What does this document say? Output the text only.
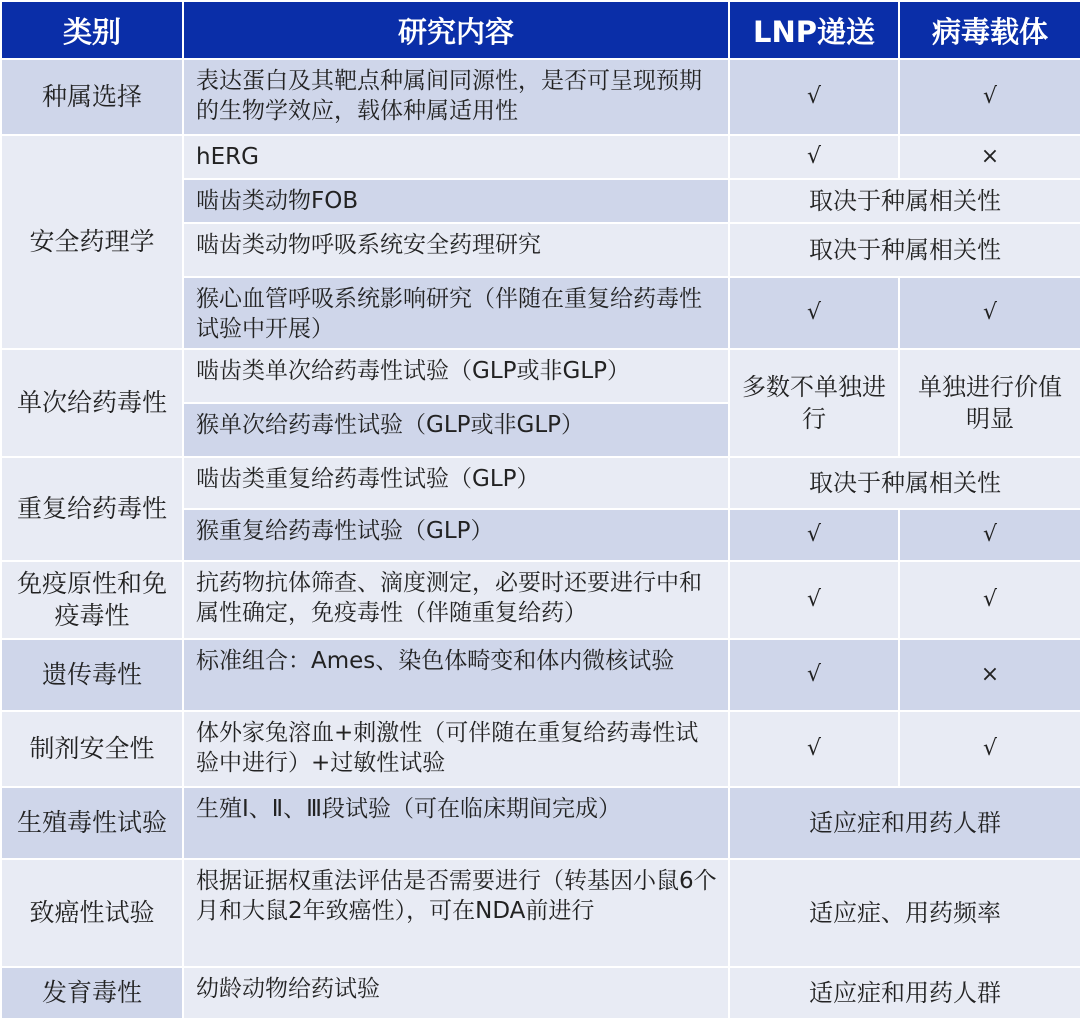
类别	研究内容	LNP递送	病毒载体
种属选择	表达蛋白及其靶点种属间同源性，是否可呈现预期的生物学效应，载体种属适用性	√	√
安全药理学	hERG	√	×
	啮齿类动物FOB	取决于种属相关性	
	啮齿类动物呼吸系统安全药理研究	取决于种属相关性	
	猴心血管呼吸系统影响研究（伴随在重复给药毒性试验中开展）	√	√
单次给药毒性	啮齿类单次给药毒性试验（GLP或非GLP）	多数不单独进行	单独进行价值明显
	猴单次给药毒性试验（GLP或非GLP）		
重复给药毒性	啮齿类重复给药毒性试验（GLP）	取决于种属相关性	
	猴重复给药毒性试验（GLP）	√	√
免疫原性和免疫毒性	抗药物抗体筛查、滴度测定，必要时还要进行中和属性确定，免疫毒性（伴随重复给药）	√	√
遗传毒性	标准组合：Ames、染色体畸变和体内微核试验	√	×
制剂安全性	体外家兔溶血+刺激性（可伴随在重复给药毒性试验中进行）+过敏性试验	√	√
生殖毒性试验	生殖Ⅰ、Ⅱ、Ⅲ段试验（可在临床期间完成）	适应症和用药人群	
致癌性试验	根据证据权重法评估是否需要进行（转基因小鼠6个月和大鼠2年致癌性），可在NDA前进行	适应症、用药频率	
发育毒性	幼龄动物给药试验	适应症和用药人群	
